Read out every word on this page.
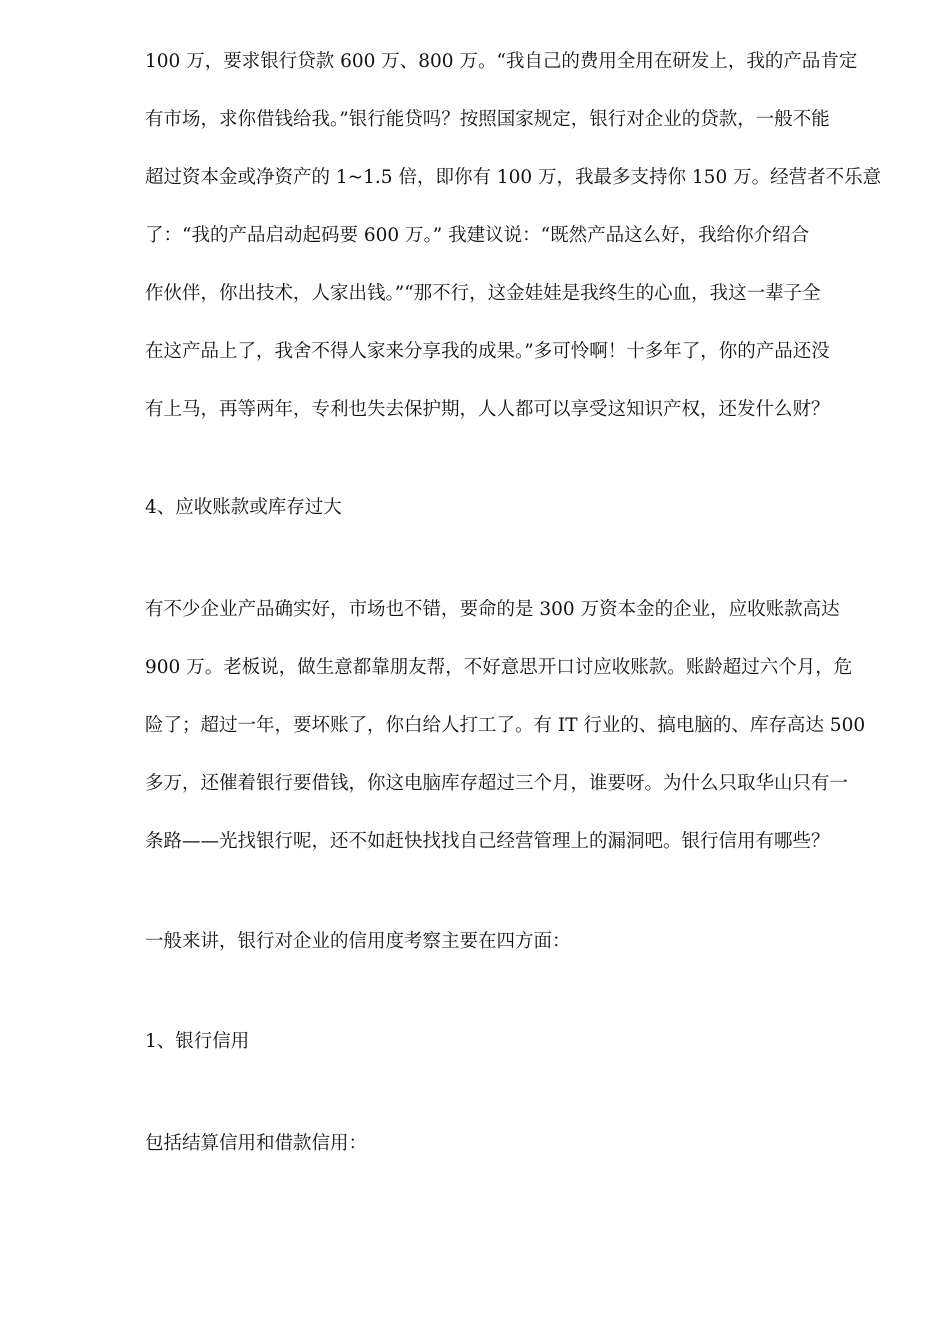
100 万，要求银行贷款 600 万、800 万。“我自己的费用全用在研发上，我的产品肯定

有市场，求你借钱给我。”银行能贷吗？按照国家规定，银行对企业的贷款，一般不能

超过资本金或净资产的 1~1.5 倍，即你有 100 万，我最多支持你 150 万。经营者不乐意

了：“我的产品启动起码要 600 万。” 我建议说：“既然产品这么好，我给你介绍合

作伙伴，你出技术，人家出钱。”“那不行，这金娃娃是我终生的心血，我这一辈子全

在这产品上了，我舍不得人家来分享我的成果。”多可怜啊！十多年了，你的产品还没

有上马，再等两年，专利也失去保护期，人人都可以享受这知识产权，还发什么财？

4、应收账款或库存过大

有不少企业产品确实好，市场也不错，要命的是 300 万资本金的企业，应收账款高达

900 万。老板说，做生意都靠朋友帮，不好意思开口讨应收账款。账龄超过六个月，危

险了；超过一年，要坏账了，你白给人打工了。有 IT 行业的、搞电脑的、库存高达 500

多万，还催着银行要借钱，你这电脑库存超过三个月，谁要呀。为什么只取华山只有一

条路——光找银行呢，还不如赶快找找自己经营管理上的漏洞吧。银行信用有哪些？

一般来讲，银行对企业的信用度考察主要在四方面：

1、银行信用

包括结算信用和借款信用：
